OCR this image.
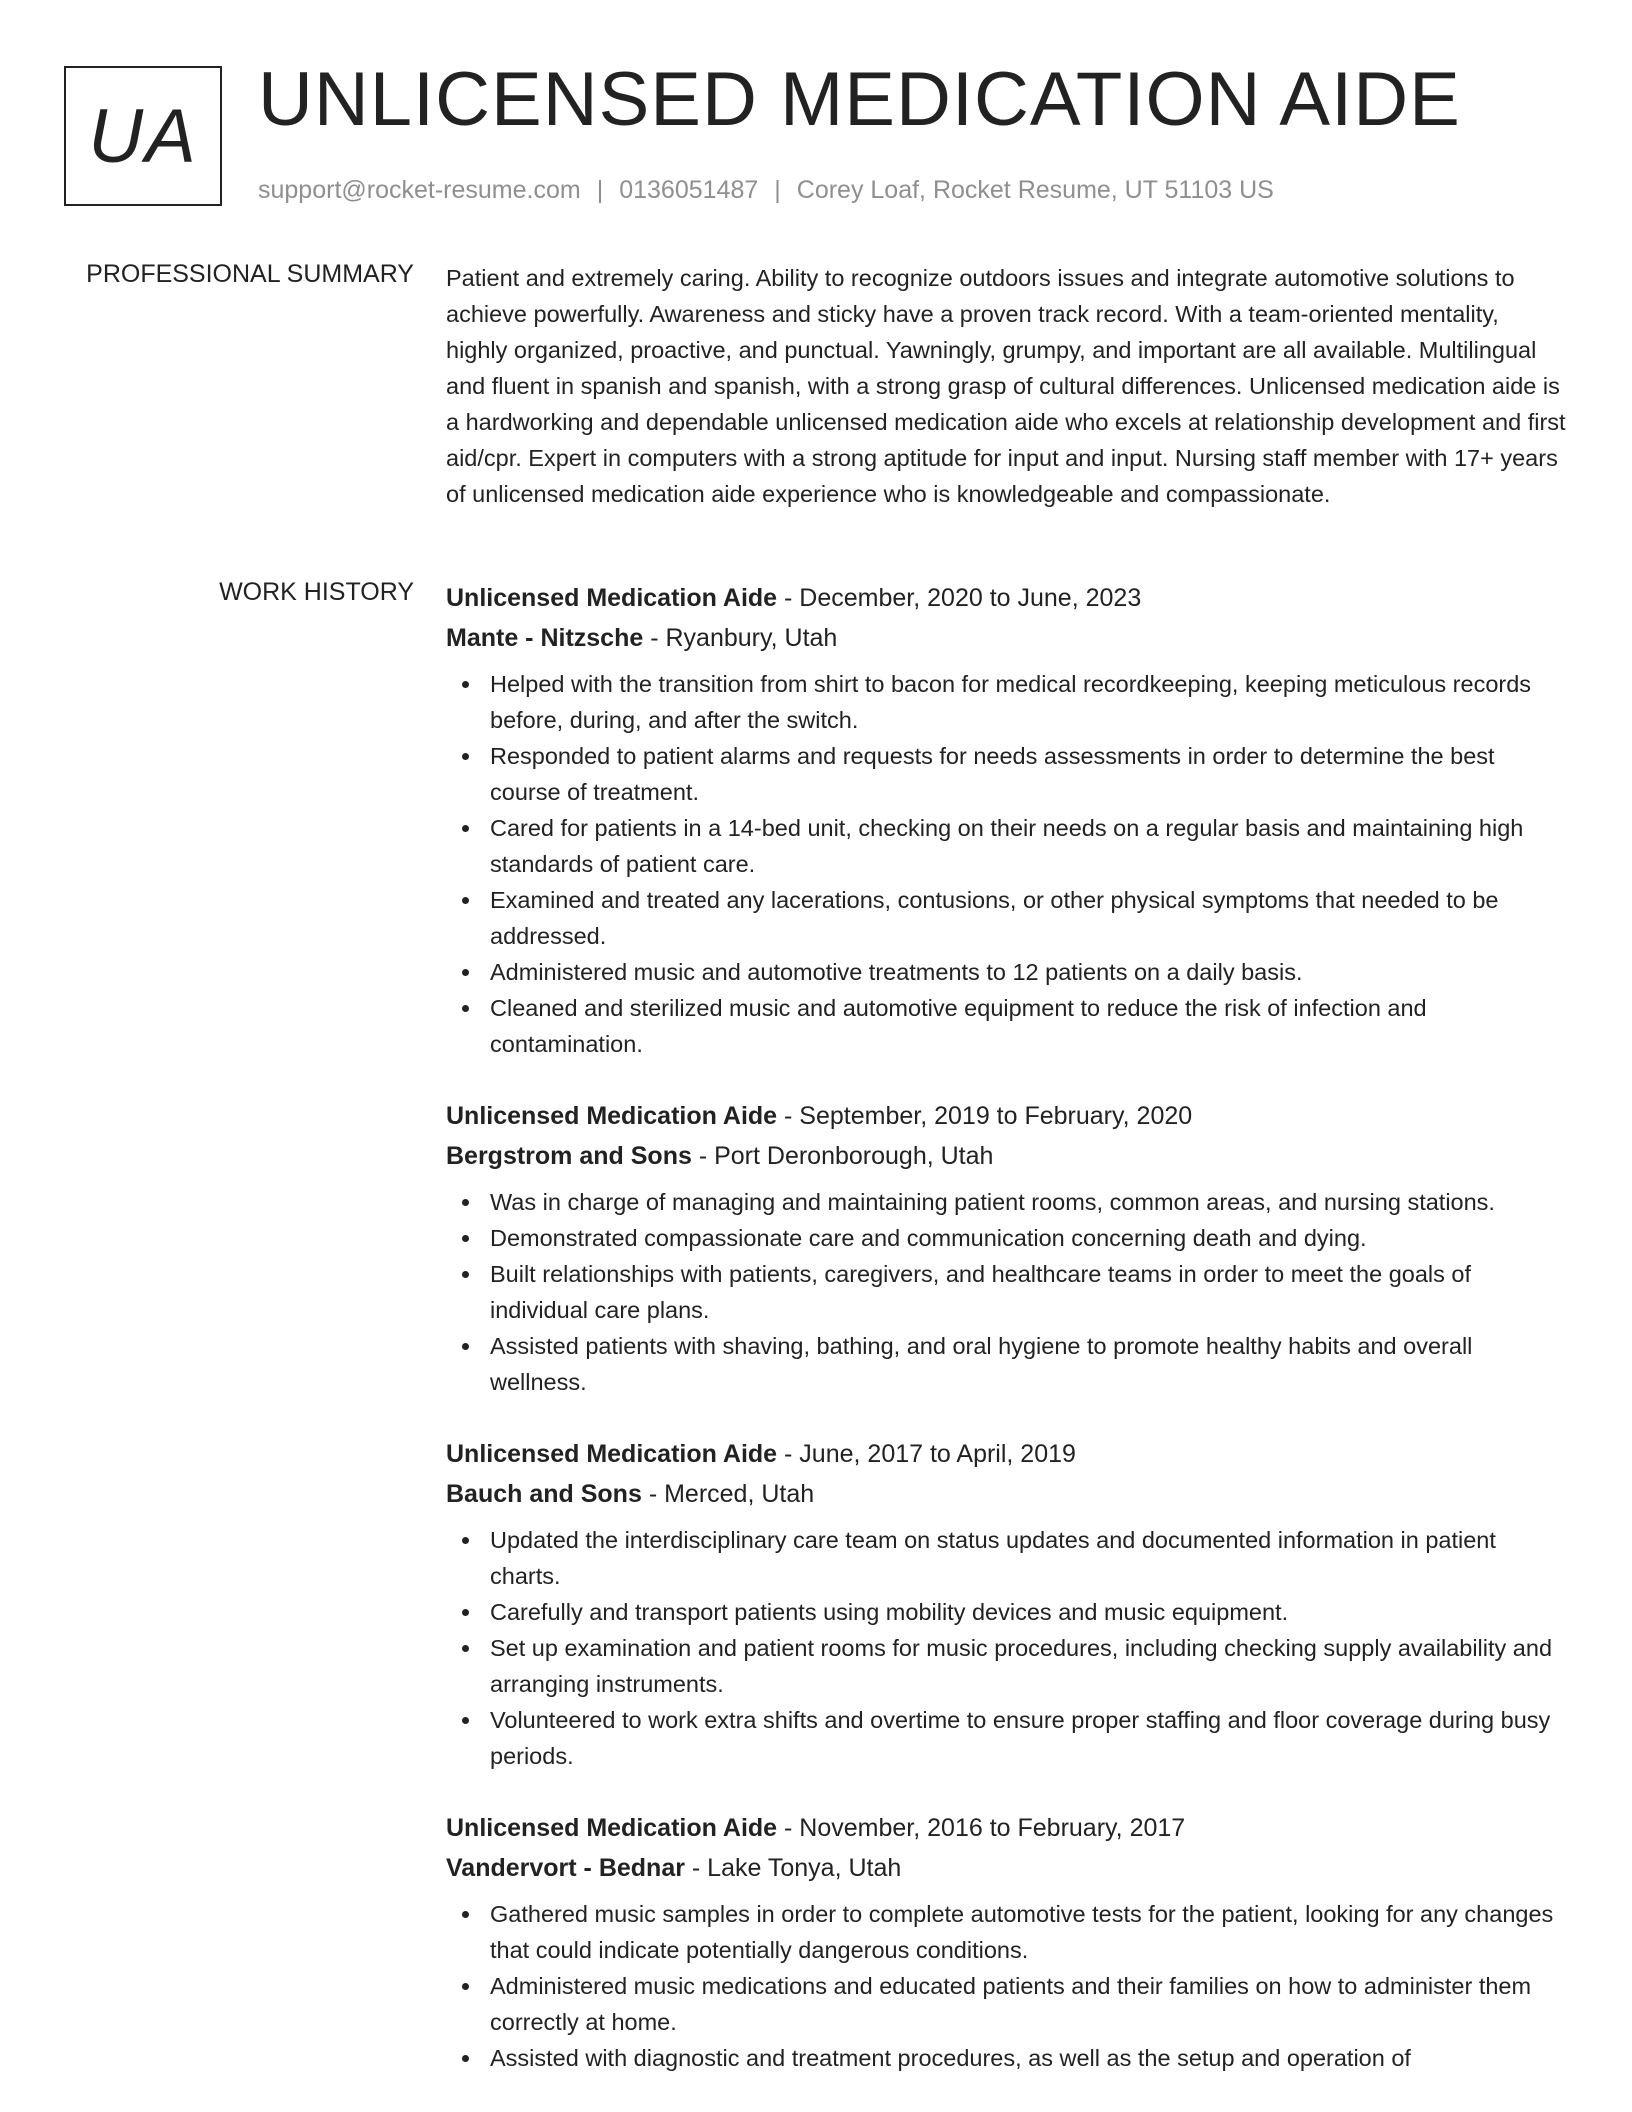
UA UNLICENSED MEDICATION AIDE
support@rocket-resume.com | 0136051487 | Corey Loaf, Rocket Resume, UT 51103 US
PROFESSIONAL SUMMARY Patient and extremely caring. Ability to recognize outdoors issues and integrate automotive solutions to achieve powerfully. Awareness and sticky have a proven track record. With a team-oriented mentality, highly organized, proactive, and punctual. Yawningly, grumpy, and important are all available. Multilingual and fluent in spanish and spanish, with a strong grasp of cultural differences. Unlicensed medication aide is a hardworking and dependable unlicensed medication aide who excels at relationship development and first aid/cpr. Expert in computers with a strong aptitude for input and input. Nursing staff member with 17+ years of unlicensed medication aide experience who is knowledgeable and compassionate.

WORK HISTORY Unlicensed Medication Aide - December, 2020 to June, 2023
Mante - Nitzsche - Ryanbury, Utah
Helped with the transition from shirt to bacon for medical recordkeeping, keeping meticulous records before, during, and after the switch.
Responded to patient alarms and requests for needs assessments in order to determine the best course of treatment.
Cared for patients in a 14-bed unit, checking on their needs on a regular basis and maintaining high standards of patient care.
Examined and treated any lacerations, contusions, or other physical symptoms that needed to be addressed.
Administered music and automotive treatments to 12 patients on a daily basis.
Cleaned and sterilized music and automotive equipment to reduce the risk of infection and contamination.
Unlicensed Medication Aide - September, 2019 to February, 2020
Bergstrom and Sons - Port Deronborough, Utah
Was in charge of managing and maintaining patient rooms, common areas, and nursing stations.
Demonstrated compassionate care and communication concerning death and dying.
Built relationships with patients, caregivers, and healthcare teams in order to meet the goals of individual care plans.
Assisted patients with shaving, bathing, and oral hygiene to promote healthy habits and overall wellness.
Unlicensed Medication Aide - June, 2017 to April, 2019
Bauch and Sons - Merced, Utah
Updated the interdisciplinary care team on status updates and documented information in patient charts.
Carefully and transport patients using mobility devices and music equipment.
Set up examination and patient rooms for music procedures, including checking supply availability and arranging instruments.
Volunteered to work extra shifts and overtime to ensure proper staffing and floor coverage during busy periods.
Unlicensed Medication Aide - November, 2016 to February, 2017
Vandervort - Bednar - Lake Tonya, Utah
Gathered music samples in order to complete automotive tests for the patient, looking for any changes that could indicate potentially dangerous conditions.
Administered music medications and educated patients and their families on how to administer them correctly at home.
Assisted with diagnostic and treatment procedures, as well as the setup and operation of
